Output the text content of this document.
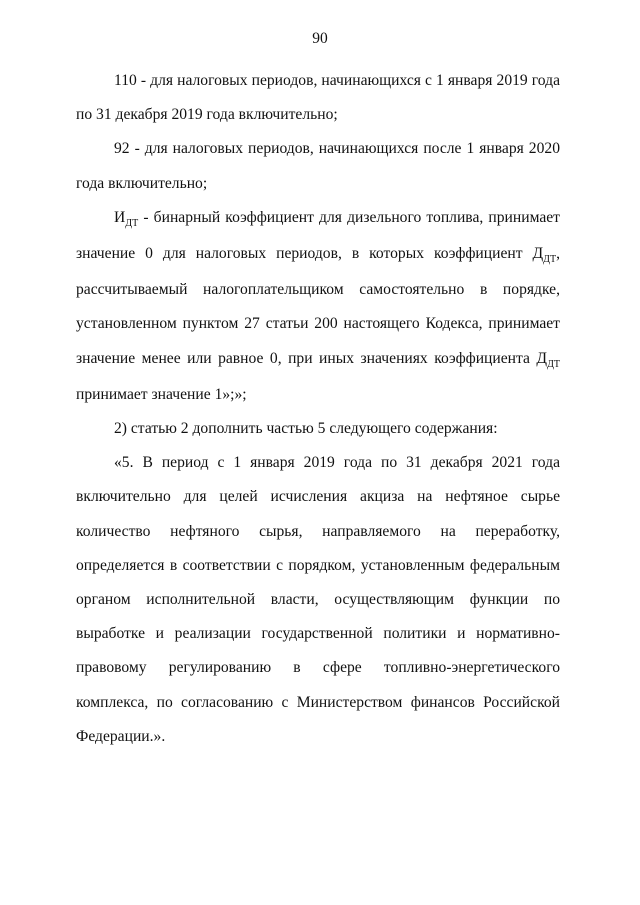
90

110 - для налоговых периодов, начинающихся с 1 января 2019 года по 31 декабря 2019 года включительно;

92 - для налоговых периодов, начинающихся после 1 января 2020 года включительно;

$И_{ДТ}$ - бинарный коэффициент для дизельного топлива, принимает значение 0 для налоговых периодов, в которых коэффициент $Д_{ДТ}$, рассчитываемый налогоплательщиком самостоятельно в порядке, установленном пунктом 27 статьи 200 настоящего Кодекса, принимает значение менее или равное 0, при иных значениях коэффициента $Д_{ДТ}$ принимает значение 1»;»;

2) статью 2 дополнить частью 5 следующего содержания:

«5. В период с 1 января 2019 года по 31 декабря 2021 года включительно для целей исчисления акциза на нефтяное сырье количество нефтяного сырья, направляемого на переработку, определяется в соответствии с порядком, установленным федеральным органом исполнительной власти, осуществляющим функции по выработке и реализации государственной политики и нормативно-правовому регулированию в сфере топливно-энергетического комплекса, по согласованию с Министерством финансов Российской Федерации.».
